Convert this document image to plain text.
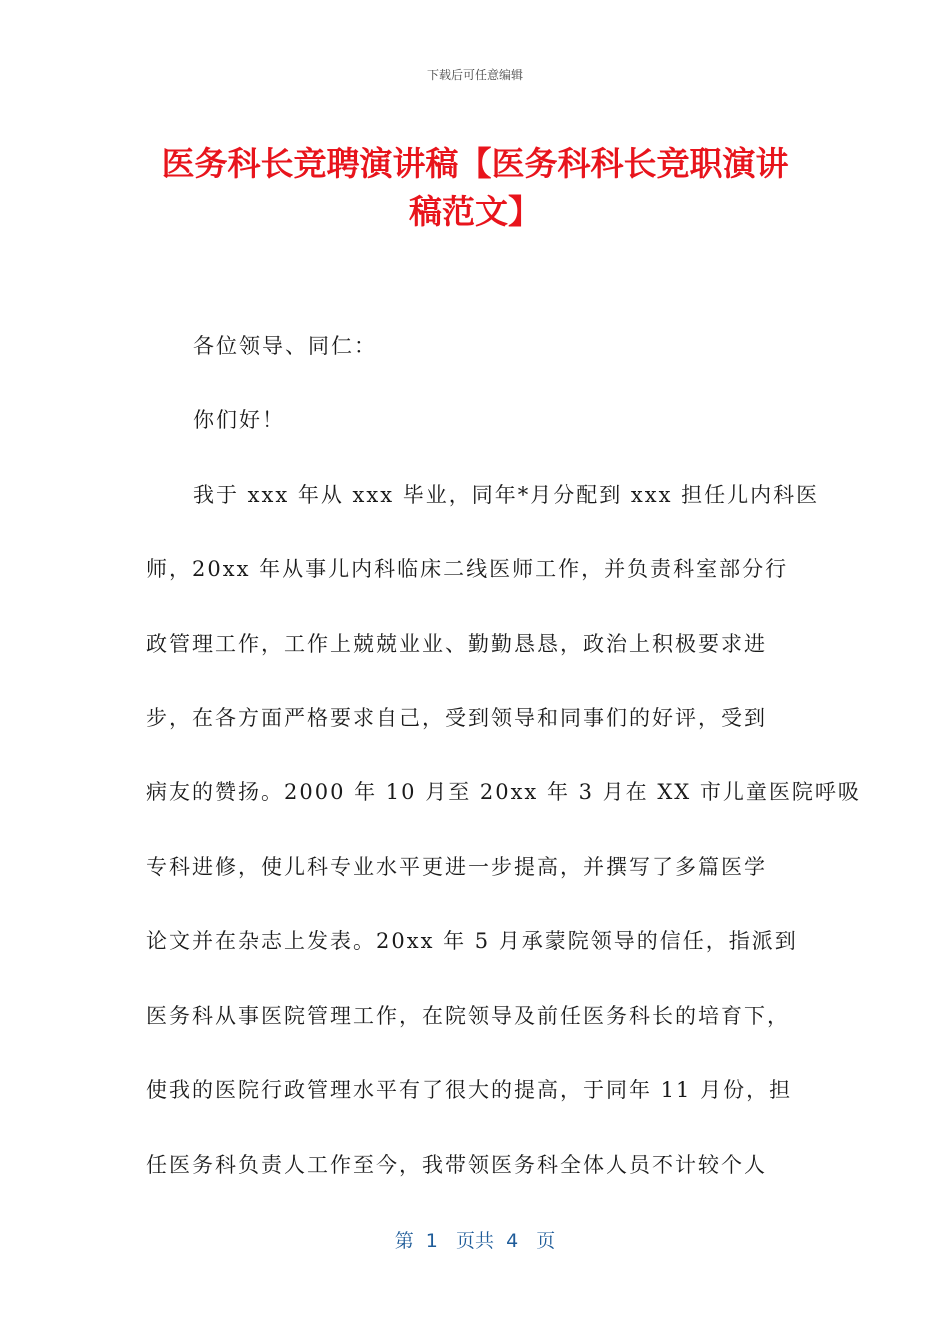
下载后可任意编辑
医务科长竞聘演讲稿【医务科科长竞职演讲
稿范文】
各位领导、同仁：
你们好！
我于 xxx 年从 xxx 毕业，同年*月分配到 xxx 担任儿内科医
师，20xx 年从事儿内科临床二线医师工作，并负责科室部分行
政管理工作，工作上兢兢业业、勤勤恳恳，政治上积极要求进
步，在各方面严格要求自己，受到领导和同事们的好评，受到
病友的赞扬。2000 年 10 月至 20xx 年 3 月在 XX 市儿童医院呼吸
专科进修，使儿科专业水平更进一步提高，并撰写了多篇医学
论文并在杂志上发表。20xx 年 5 月承蒙院领导的信任，指派到
医务科从事医院管理工作，在院领导及前任医务科长的培育下，
使我的医院行政管理水平有了很大的提高，于同年 11 月份，担
任医务科负责人工作至今，我带领医务科全体人员不计较个人
第  1   页共  4   页
